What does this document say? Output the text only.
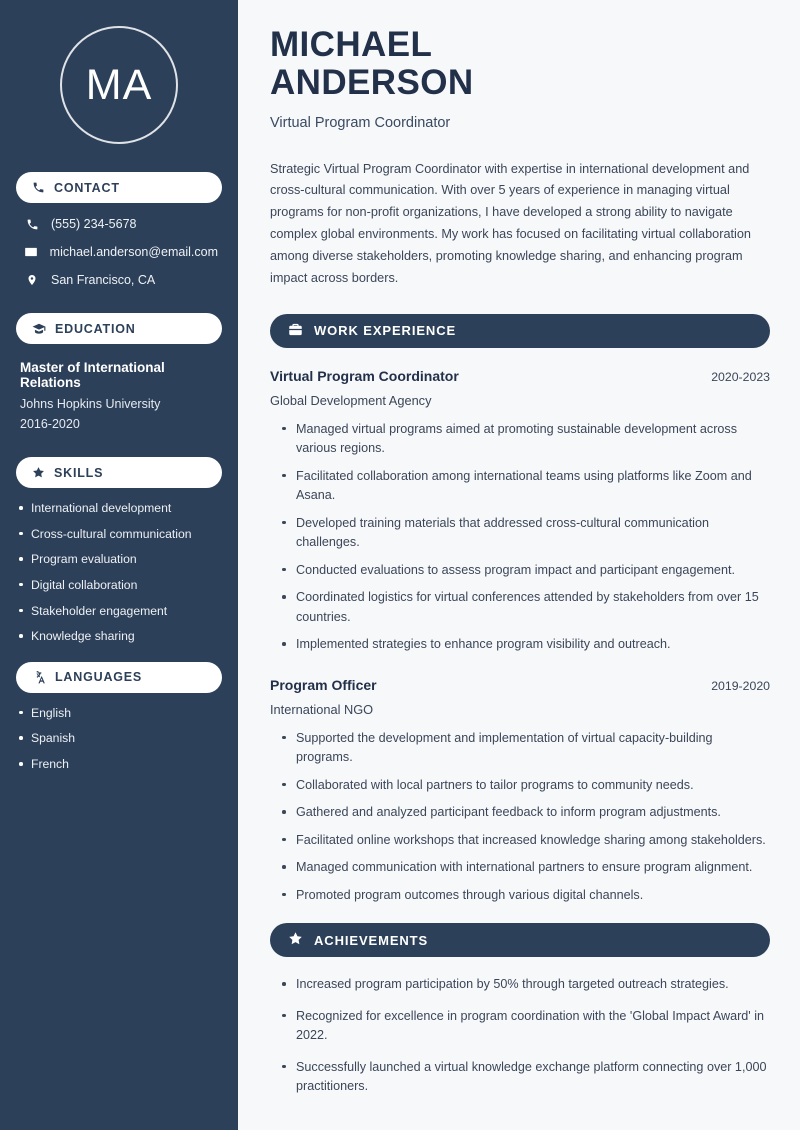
MA
CONTACT
(555) 234-5678
michael.anderson@email.com
San Francisco, CA
EDUCATION
Master of International Relations
Johns Hopkins University
2016-2020
SKILLS
International development
Cross-cultural communication
Program evaluation
Digital collaboration
Stakeholder engagement
Knowledge sharing
LANGUAGES
English
Spanish
French
MICHAEL
ANDERSON
Virtual Program Coordinator

Strategic Virtual Program Coordinator with expertise in international development and cross-cultural communication. With over 5 years of experience in managing virtual programs for non-profit organizations, I have developed a strong ability to navigate complex global environments. My work has focused on facilitating virtual collaboration among diverse stakeholders, promoting knowledge sharing, and enhancing program impact across borders.

WORK EXPERIENCE
Virtual Program Coordinator	2020-2023
Global Development Agency
Managed virtual programs aimed at promoting sustainable development across various regions.
Facilitated collaboration among international teams using platforms like Zoom and Asana.
Developed training materials that addressed cross-cultural communication challenges.
Conducted evaluations to assess program impact and participant engagement.
Coordinated logistics for virtual conferences attended by stakeholders from over 15 countries.
Implemented strategies to enhance program visibility and outreach.
Program Officer	2019-2020
International NGO
Supported the development and implementation of virtual capacity-building programs.
Collaborated with local partners to tailor programs to community needs.
Gathered and analyzed participant feedback to inform program adjustments.
Facilitated online workshops that increased knowledge sharing among stakeholders.
Managed communication with international partners to ensure program alignment.
Promoted program outcomes through various digital channels.
ACHIEVEMENTS
Increased program participation by 50% through targeted outreach strategies.
Recognized for excellence in program coordination with the 'Global Impact Award' in 2022.
Successfully launched a virtual knowledge exchange platform connecting over 1,000 practitioners.
